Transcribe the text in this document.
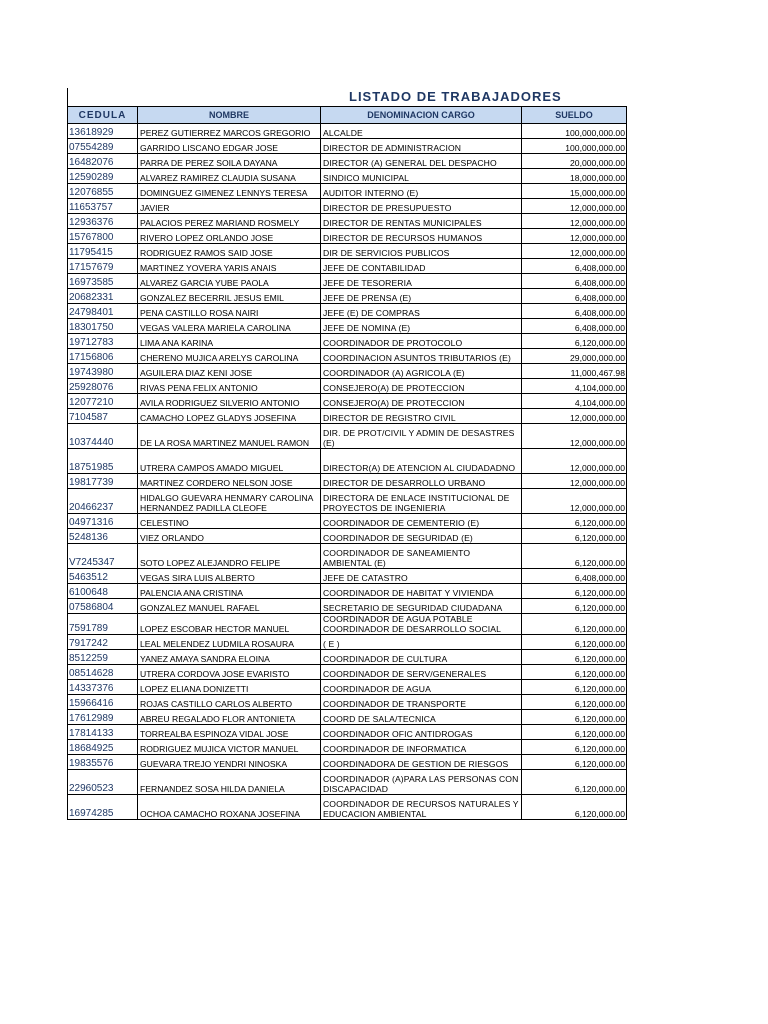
LISTADO DE TRABAJADORES
CEDULA	NOMBRE	DENOMINACION CARGO	SUELDO
13618929	PEREZ GUTIERREZ MARCOS GREGORIO	ALCALDE	100,000,000.00
07554289	GARRIDO LISCANO EDGAR JOSE	DIRECTOR DE ADMINISTRACION	100,000,000.00
16482076	PARRA DE PEREZ SOILA DAYANA	DIRECTOR (A) GENERAL DEL DESPACHO	20,000,000.00
12590289	ALVAREZ RAMIREZ CLAUDIA SUSANA	SINDICO MUNICIPAL	18,000,000.00
12076855	DOMINGUEZ GIMENEZ LENNYS TERESA	AUDITOR INTERNO (E)	15,000,000.00
11653757	JAVIER	DIRECTOR DE PRESUPUESTO	12,000,000.00
12936376	PALACIOS PEREZ MARIAND ROSMELY	DIRECTOR DE RENTAS MUNICIPALES	12,000,000.00
15767800	RIVERO LOPEZ ORLANDO JOSE	DIRECTOR DE RECURSOS HUMANOS	12,000,000.00
11795415	RODRIGUEZ RAMOS SAID JOSE	DIR DE SERVICIOS PUBLICOS	12,000,000.00
17157679	MARTINEZ YOVERA YARIS ANAIS	JEFE DE CONTABILIDAD	6,408,000.00
16973585	ALVAREZ GARCIA YUBE PAOLA	JEFE DE TESORERIA	6,408,000.00
20682331	GONZALEZ BECERRIL JESUS EMIL	JEFE DE PRENSA (E)	6,408,000.00
24798401	PENA CASTILLO ROSA NAIRI	JEFE (E) DE COMPRAS	6,408,000.00
18301750	VEGAS VALERA MARIELA CAROLINA	JEFE DE NOMINA (E)	6,408,000.00
19712783	LIMA ANA KARINA	COORDINADOR DE PROTOCOLO	6,120,000.00
17156806	CHERENO MUJICA ARELYS CAROLINA	COORDINACION ASUNTOS TRIBUTARIOS (E)	29,000,000.00
19743980	AGUILERA DIAZ KENI JOSE	COORDINADOR (A) AGRICOLA (E)	11,000,467.98
25928076	RIVAS PENA FELIX ANTONIO	CONSEJERO(A) DE PROTECCION	4,104,000.00
12077210	AVILA RODRIGUEZ SILVERIO ANTONIO	CONSEJERO(A) DE PROTECCION	4,104,000.00
7104587	CAMACHO LOPEZ GLADYS JOSEFINA	DIRECTOR DE REGISTRO CIVIL	12,000,000.00
10374440	DE LA ROSA MARTINEZ MANUEL RAMON	DIR. DE PROT/CIVIL Y ADMIN DE DESASTRES (E)	12,000,000.00
18751985	UTRERA CAMPOS AMADO MIGUEL	DIRECTOR(A) DE ATENCION AL CIUDADADNO	12,000,000.00
19817739	MARTINEZ CORDERO NELSON JOSE	DIRECTOR DE DESARROLLO URBANO	12,000,000.00
20466237	HIDALGO GUEVARA HENMARY CAROLINA HERNANDEZ PADILLA CLEOFE	DIRECTORA DE ENLACE INSTITUCIONAL DE PROYECTOS DE INGENIERIA	12,000,000.00
04971316	CELESTINO	COORDINADOR DE CEMENTERIO (E)	6,120,000.00
5248136	VIEZ ORLANDO	COORDINADOR DE SEGURIDAD (E)	6,120,000.00
V7245347	SOTO LOPEZ ALEJANDRO FELIPE	COORDINADOR DE SANEAMIENTO AMBIENTAL (E)	6,120,000.00
5463512	VEGAS SIRA LUIS ALBERTO	JEFE DE CATASTRO	6,408,000.00
6100648	PALENCIA ANA CRISTINA	COORDINADOR DE HABITAT Y VIVIENDA	6,120,000.00
07586804	GONZALEZ MANUEL RAFAEL	SECRETARIO DE SEGURIDAD CIUDADANA	6,120,000.00
7591789	LOPEZ ESCOBAR HECTOR MANUEL	COORDINADOR DE AGUA POTABLE COORDINADOR DE DESARROLLO SOCIAL	6,120,000.00
7917242	LEAL MELENDEZ LUDMILA ROSAURA	( E )	6,120,000.00
8512259	YANEZ AMAYA SANDRA ELOINA	COORDINADOR DE CULTURA	6,120,000.00
08514628	UTRERA CORDOVA JOSE EVARISTO	COORDINADOR DE SERV/GENERALES	6,120,000.00
14337376	LOPEZ ELIANA DONIZETTI	COORDINADOR DE AGUA	6,120,000.00
15966416	ROJAS CASTILLO CARLOS ALBERTO	COORDINADOR DE TRANSPORTE	6,120,000.00
17612989	ABREU REGALADO FLOR ANTONIETA	COORD DE SALA/TECNICA	6,120,000.00
17814133	TORREALBA ESPINOZA VIDAL JOSE	COORDINADOR OFIC ANTIDROGAS	6,120,000.00
18684925	RODRIGUEZ MUJICA VICTOR MANUEL	COORDINADOR DE INFORMATICA	6,120,000.00
19835576	GUEVARA TREJO YENDRI NINOSKA	COORDINADORA DE GESTION DE RIESGOS	6,120,000.00
22960523	FERNANDEZ SOSA HILDA DANIELA	COORDINADOR (A)PARA LAS PERSONAS CON DISCAPACIDAD	6,120,000.00
16974285	OCHOA CAMACHO ROXANA JOSEFINA	COORDINADOR DE RECURSOS NATURALES Y EDUCACION AMBIENTAL	6,120,000.00
